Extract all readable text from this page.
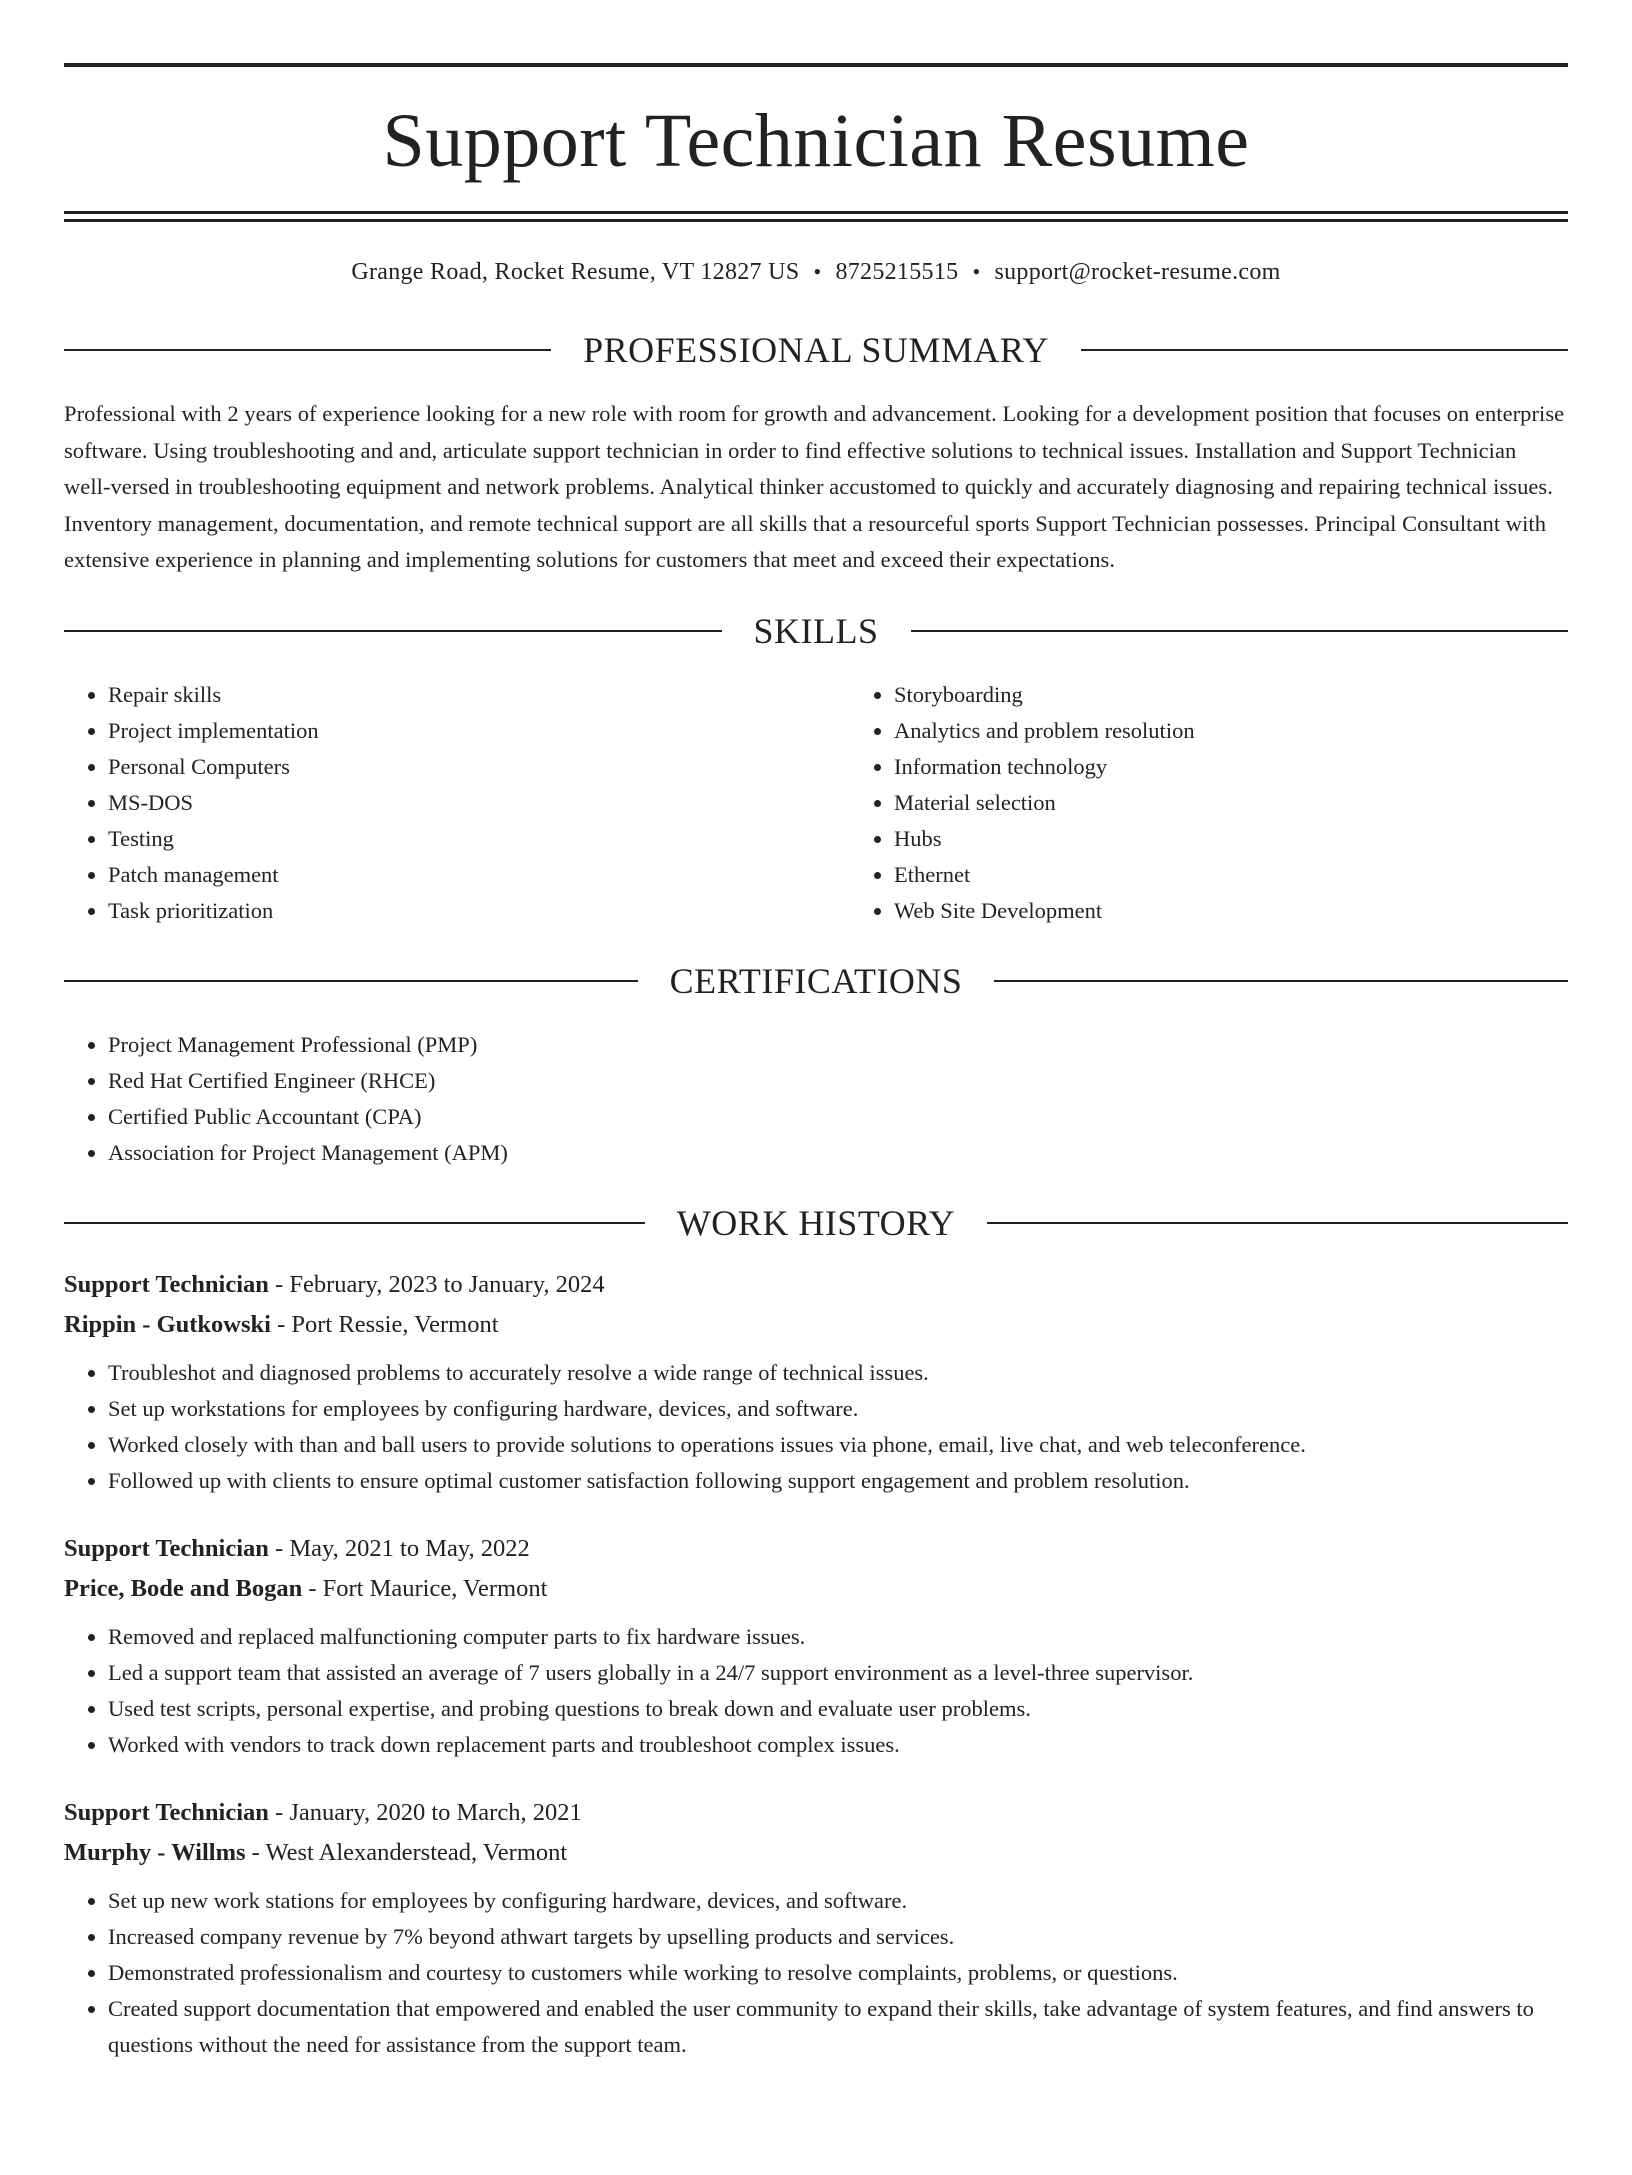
Support Technician Resume
Grange Road, Rocket Resume, VT 12827 US • 8725215515 • support@rocket-resume.com
PROFESSIONAL SUMMARY

Professional with 2 years of experience looking for a new role with room for growth and advancement. Looking for a development position that focuses on enterprise software. Using troubleshooting and and, articulate support technician in order to find effective solutions to technical issues. Installation and Support Technician well-versed in troubleshooting equipment and network problems. Analytical thinker accustomed to quickly and accurately diagnosing and repairing technical issues. Inventory management, documentation, and remote technical support are all skills that a resourceful sports Support Technician possesses. Principal Consultant with extensive experience in planning and implementing solutions for customers that meet and exceed their expectations.

SKILLS
• Repair skills
• Project implementation
• Personal Computers
• MS-DOS
• Testing
• Patch management
• Task prioritization
• Storyboarding
• Analytics and problem resolution
• Information technology
• Material selection
• Hubs
• Ethernet
• Web Site Development
CERTIFICATIONS
• Project Management Professional (PMP)
• Red Hat Certified Engineer (RHCE)
• Certified Public Accountant (CPA)
• Association for Project Management (APM)
WORK HISTORY
Support Technician - February, 2023 to January, 2024
Rippin - Gutkowski - Port Ressie, Vermont
• Troubleshot and diagnosed problems to accurately resolve a wide range of technical issues.
• Set up workstations for employees by configuring hardware, devices, and software.
• Worked closely with than and ball users to provide solutions to operations issues via phone, email, live chat, and web teleconference.
• Followed up with clients to ensure optimal customer satisfaction following support engagement and problem resolution.
Support Technician - May, 2021 to May, 2022
Price, Bode and Bogan - Fort Maurice, Vermont
• Removed and replaced malfunctioning computer parts to fix hardware issues.
• Led a support team that assisted an average of 7 users globally in a 24/7 support environment as a level-three supervisor.
• Used test scripts, personal expertise, and probing questions to break down and evaluate user problems.
• Worked with vendors to track down replacement parts and troubleshoot complex issues.
Support Technician - January, 2020 to March, 2021
Murphy - Willms - West Alexanderstead, Vermont
• Set up new work stations for employees by configuring hardware, devices, and software.
• Increased company revenue by 7% beyond athwart targets by upselling products and services.
• Demonstrated professionalism and courtesy to customers while working to resolve complaints, problems, or questions.
• Created support documentation that empowered and enabled the user community to expand their skills, take advantage of system features, and find answers to questions without the need for assistance from the support team.
